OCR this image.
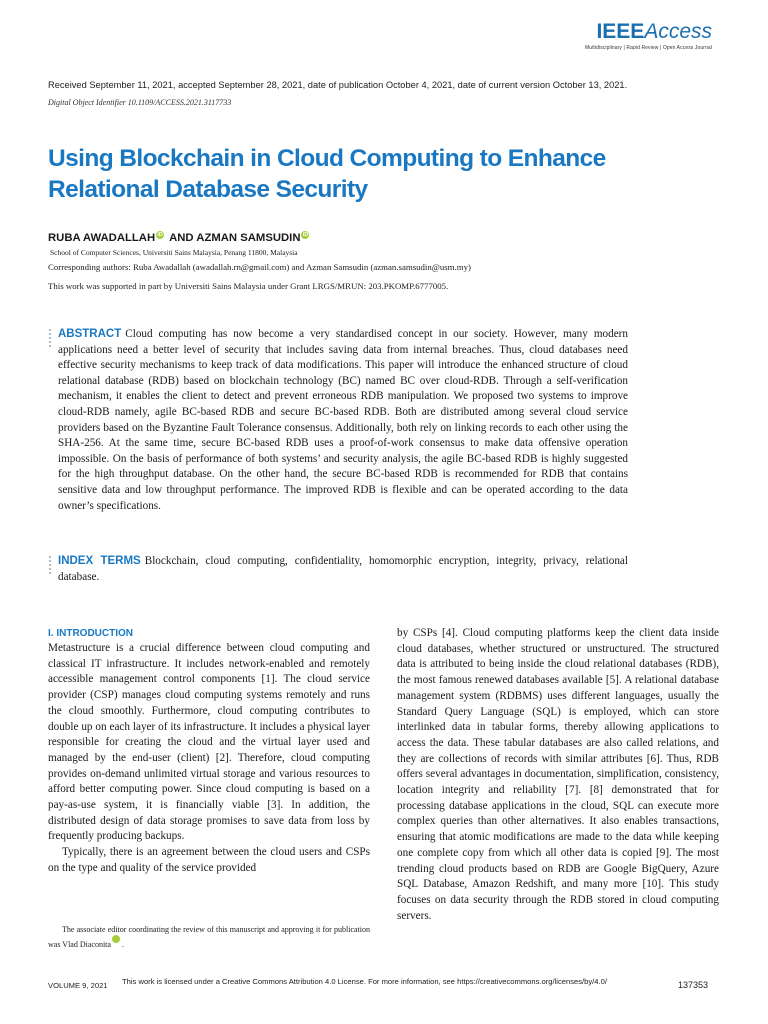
IEEEAccess
Multidisciplinary | Rapid Review | Open Access Journal
Received September 11, 2021, accepted September 28, 2021, date of publication October 4, 2021, date of current version October 13, 2021.
Digital Object Identifier 10.1109/ACCESS.2021.3117733
Using Blockchain in Cloud Computing to Enhance Relational Database Security
RUBA AWADALLAH iD AND AZMAN SAMSUDIN iD
School of Computer Sciences, Universiti Sains Malaysia, Penang 11800, Malaysia
Corresponding authors: Ruba Awadallah (awadallah.rn@gmail.com) and Azman Samsudin (azman.samsudin@usm.my)
This work was supported in part by Universiti Sains Malaysia under Grant LRGS/MRUN: 203.PKOMP.6777005.
ABSTRACT Cloud computing has now become a very standardised concept in our society. However, many modern applications need a better level of security that includes saving data from internal breaches. Thus, cloud databases need effective security mechanisms to keep track of data modifications. This paper will introduce the enhanced structure of cloud relational database (RDB) based on blockchain technology (BC) named BC over cloud-RDB. Through a self-verification mechanism, it enables the client to detect and prevent erroneous RDB manipulation. We proposed two systems to improve cloud-RDB namely, agile BC-based RDB and secure BC-based RDB. Both are distributed among several cloud service providers based on the Byzantine Fault Tolerance consensus. Additionally, both rely on linking records to each other using the SHA-256. At the same time, secure BC-based RDB uses a proof-of-work consensus to make data offensive operation impossible. On the basis of performance of both systems’ and security analysis, the agile BC-based RDB is highly suggested for the high throughput database. On the other hand, the secure BC-based RDB is recommended for RDB that contains sensitive data and low throughput performance. The improved RDB is flexible and can be operated according to the data owner’s specifications.
INDEX TERMS Blockchain, cloud computing, confidentiality, homomorphic encryption, integrity, privacy, relational database.
I. INTRODUCTION

Metastructure is a crucial difference between cloud computing and classical IT infrastructure. It includes network-enabled and remotely accessible management control components [1]. The cloud service provider (CSP) manages cloud computing systems remotely and runs the cloud smoothly. Furthermore, cloud computing contributes to double up on each layer of its infrastructure. It includes a physical layer responsible for creating the cloud and the virtual layer used and managed by the end-user (client) [2]. Therefore, cloud computing provides on-demand unlimited virtual storage and various resources to afford better computing power. Since cloud computing is based on a pay-as-use system, it is financially viable [3]. In addition, the distributed design of data storage promises to save data from loss by frequently producing backups.

Typically, there is an agreement between the cloud users and CSPs on the type and quality of the service provided

by CSPs [4]. Cloud computing platforms keep the client data inside cloud databases, whether structured or unstructured. The structured data is attributed to being inside the cloud relational databases (RDB), the most famous renewed databases available [5]. A relational database management system (RDBMS) uses different languages, usually the Standard Query Language (SQL) is employed, which can store interlinked data in tabular forms, thereby allowing applications to access the data. These tabular databases are also called relations, and they are collections of records with similar attributes [6]. Thus, RDB offers several advantages in documentation, simplification, consistency, location integrity and reliability [7]. [8] demonstrated that for processing database applications in the cloud, SQL can execute more complex queries than other alternatives. It also enables transactions, ensuring that atomic modifications are made to the data while keeping one complete copy from which all other data is copied [9]. The most trending cloud products based on RDB are Google BigQuery, Azure SQL Database, Amazon Redshift, and many more [10]. This study focuses on data security through the RDB stored in cloud computing servers.

The associate editor coordinating the review of this manuscript and approving it for publication was Vlad DiaconitaiD.

VOLUME 9, 2021 This work is licensed under a Creative Commons Attribution 4.0 License. For more information, see https://creativecommons.org/licenses/by/4.0/	137353
